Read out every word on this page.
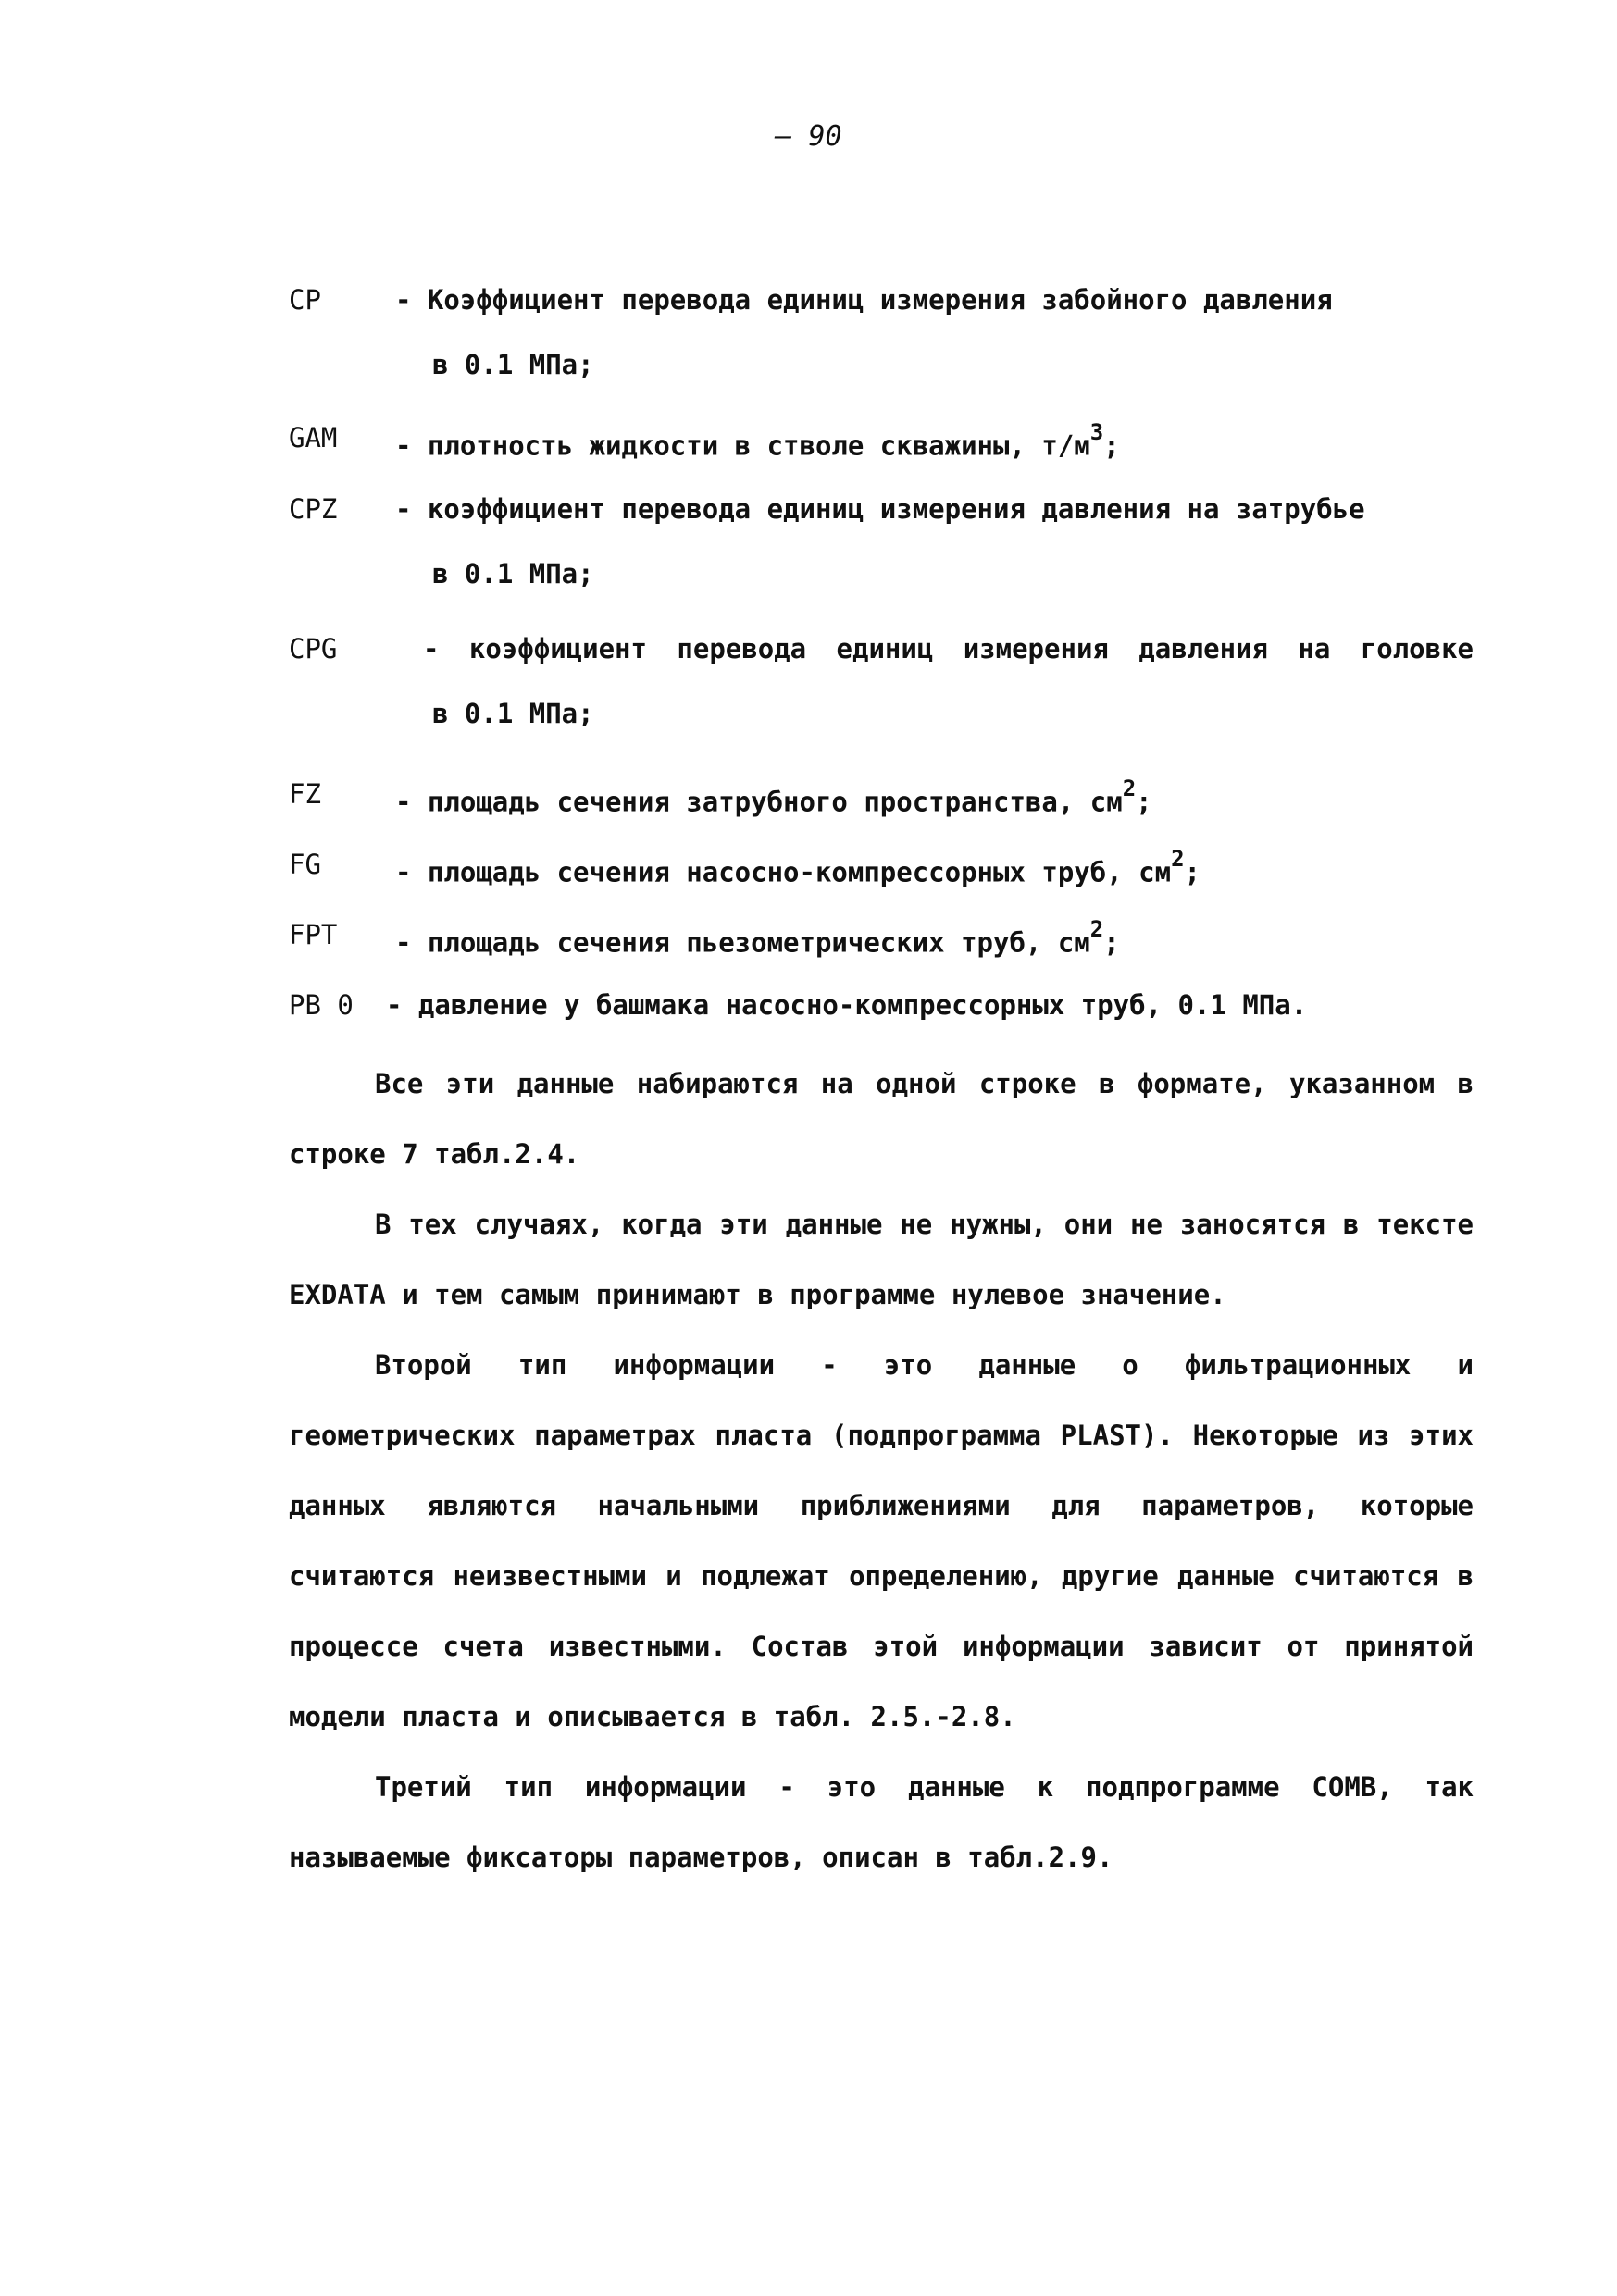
— 90
CP	- Коэффициент перевода единиц измерения забойного давления
в 0.1 МПа;
GAM	- плотность жидкости в стволе скважины, $т/м^3$;
CPZ	- коэффициент перевода единиц измерения давления на затрубье
в 0.1 МПа;
CPG	- коэффициент перевода единиц измерения давления на головке
в 0.1 МПа;
FZ	- площадь сечения затрубного пространства, $см^2$;
FG	- площадь сечения насосно-компрессорных труб, $см^2$;
FPT	- площадь сечения пьезометрических труб, $см^2$;
PB 0	- давление у башмака насосно-компрессорных труб, 0.1 МПа.

Все эти данные набираются на одной строке в формате, указанном в строке 7 табл.2.4.

В тех случаях, когда эти данные не нужны, они не заносятся в тексте EXDATA и тем самым принимают в программе нулевое значение.

Второй тип информации - это данные о фильтрационных и геометрических параметрах пласта (подпрограмма PLAST). Некоторые из этих данных являются начальными приближениями для параметров, которые считаются неизвестными и подлежат определению, другие данные считаются в процессе счета известными. Состав этой информации зависит от принятой модели пласта и описывается в табл. 2.5.-2.8.

Третий тип информации - это данные к подпрограмме COMB, так называемые фиксаторы параметров, описан в табл.2.9.
